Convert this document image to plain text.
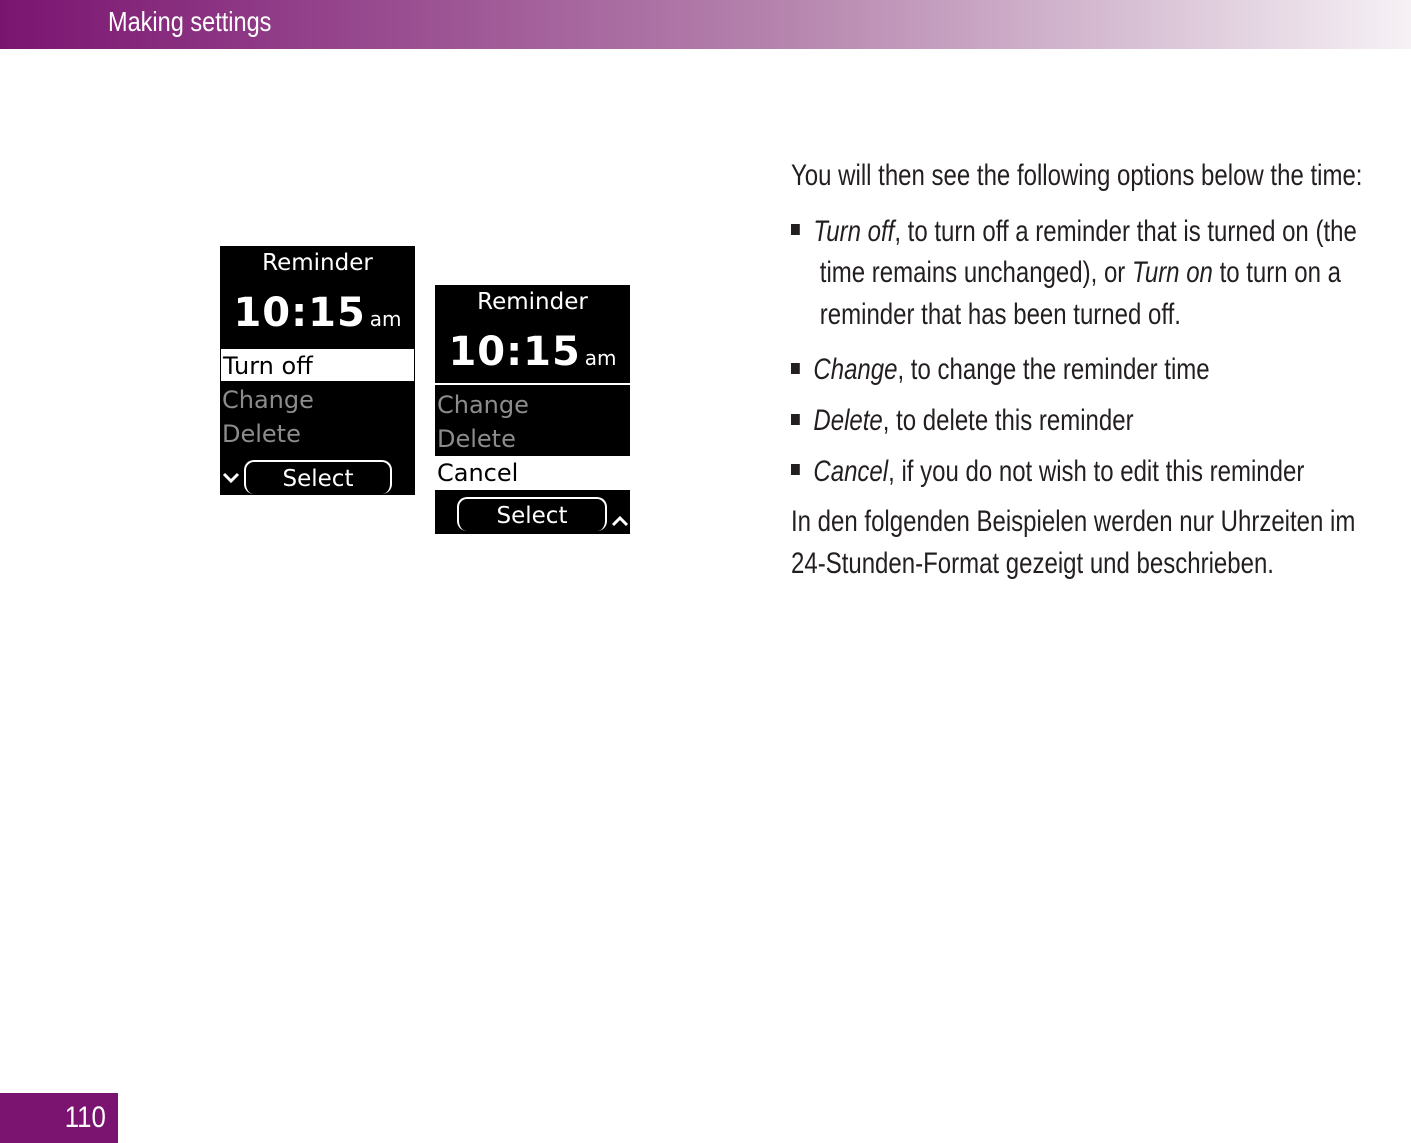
Making settings
Reminder
10:15 am
Turn off
Change
Delete
Select
Reminder
10:15 am
Change
Delete
Cancel
Select
You will then see the following options below the time:
Turn off, to turn off a reminder that is turned on (the
time remains unchanged), or Turn on to turn on a
reminder that has been turned off.
Change, to change the reminder time
Delete, to delete this reminder
Cancel, if you do not wish to edit this reminder
In den folgenden Beispielen werden nur Uhrzeiten im
24-Stunden-Format gezeigt und beschrieben.
110
